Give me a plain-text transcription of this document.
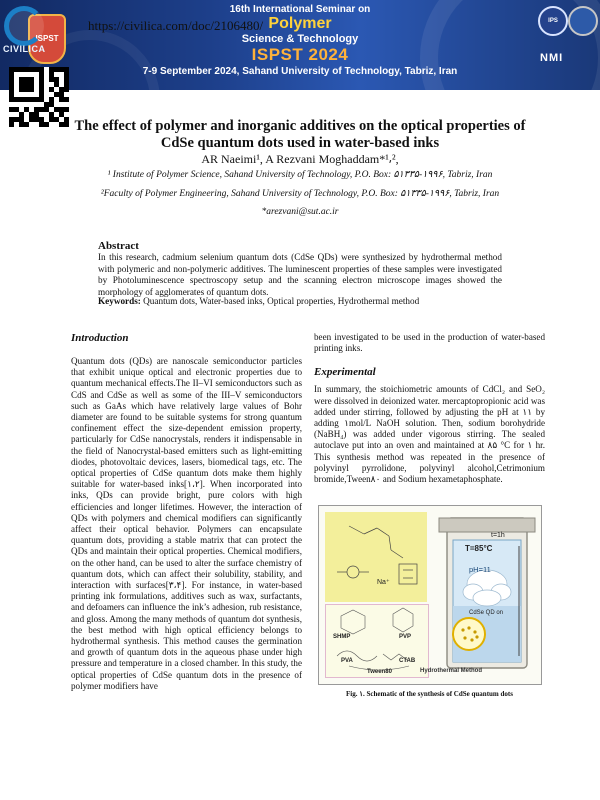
16th International Seminar on
Polymer
Science & Technology
ISPST 2024
7-9 September 2024, Sahand University of Technology, Tabriz, Iran
ISPST
CIVILICA
IPS
NMI
https://civilica.com/doc/2106480/
The effect of polymer and inorganic additives on the optical properties of CdSe quantum dots used in water-based inks
AR Naeimi¹, A Rezvani Moghaddam*¹⸴²,
¹ Institute of Polymer Science, Sahand University of Technology, P.O. Box: ۵۱۳۳۵-۱۹۹۶, Tabriz, Iran
²Faculty of Polymer Engineering, Sahand University of Technology, P.O. Box: ۵۱۳۳۵-۱۹۹۶, Tabriz, Iran
*arezvani@sut.ac.ir
Abstract
In this research, cadmium selenium quantum dots (CdSe QDs) were synthesized by hydrothermal method with polymeric and non-polymeric additives. The luminescent properties of these samples were investigated by Photoluminescence spectroscopy setup and the scanning electron microscope images showed the morphology of agglomerates of quantum dots.
Keywords: Quantum dots, Water-based inks, Optical properties, Hydrothermal method

Introduction

Quantum dots (QDs) are nanoscale semiconductor particles that exhibit unique optical and electronic properties due to quantum mechanical effects.The II–VI semiconductors such as CdS and CdSe as well as some of the III–V semiconductors such as GaAs which have relatively large values of Bohr diameter are found to be suitable systems for strong quantum confinement effect the size-dependent emission property, particularly for CdSe nanocrystals, renders it indispensable in the field of Nanocrystal-based emitters such as light-emitting diodes, photovoltaic devices, lasers, biomedical tags, etc. The optical properties of CdSe quantum dots make them highly suitable for water-based inks[۱،۲]. When incorporated into inks, QDs can provide bright, pure colors with high efficiencies and longer lifetimes. However, the interaction of QDs with polymers and chemical modifiers can significantly affect their optical behavior. Polymers can encapsulate quantum dots, providing a stable matrix that can protect the QDs and maintain their optical properties. Chemical modifiers, on the other hand, can be used to alter the surface chemistry of quantum dots, which can affect their solubility, stability, and interaction with surfaces[۳،۴]. For instance, in water-based printing ink formulations, additives such as wax, surfactants, and defoamers can influence the ink’s adhesion, rub resistance, and gloss. Among the many methods of quantum dot synthesis, the best method with high optical efficiency belongs to hydrothermal synthesis. This method causes the germination and growth of quantum dots in the aqueous phase under high pressure and temperature in a closed chamber. In this study, the optical properties of CdSe quantum dots in the presence of polymer modifiers have

been investigated to be used in the production of water-based printing inks.

Experimental

In summary, the stoichiometric amounts of CdCl₂ and SeO₂ were dissolved in deionized water. mercaptopropionic acid was added under stirring, followed by adjusting the pH at ۱۱ by adding ۱mol/L NaOH solution. Then, sodium borohydride (NaBH₄) was added under vigorous stirring. The sealed autoclave put into an oven and maintained at ۸۵ °C for ۱ hr. This synthesis method was repeated in the presence of polyvinyl pyrrolidone, polyvinyl alcohol,Cetrimonium bromide,Tween۸۰ and Sodium hexametaphosphate.

t=1h
T=85°C
pH=11
CdSe QD on
Na⁺
SHMP	PVP
PVA	CTAB
Tween80	Hydrothermal Method
Fig. ۱. Schematic of the synthesis of CdSe quantum dots
